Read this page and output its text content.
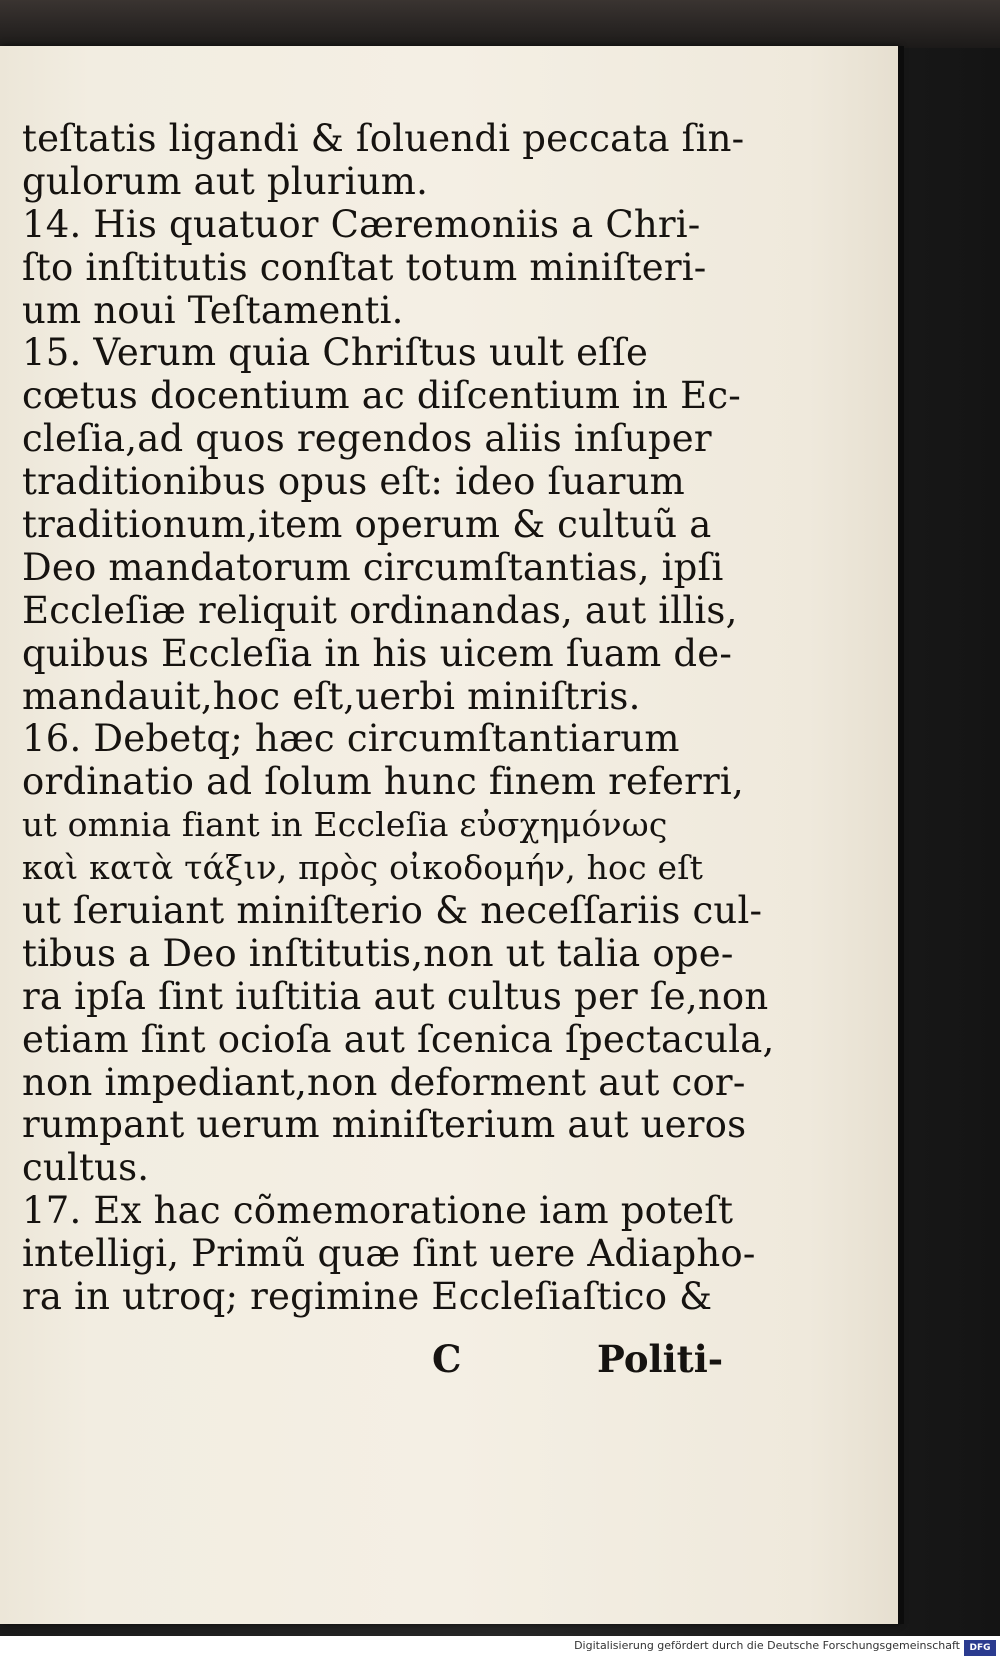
teſtatis ligandi & ſoluendi peccata ſin-
gulorum aut plurium.
14. His quatuor Cæremoniis a Chri-
ſto inſtitutis conſtat totum miniſteri-
um noui Teſtamenti.
15. Verum quia Chriſtus uult eſſe
cœtus docentium ac diſcentium in Ec-
cleſia,ad quos regendos aliis inſuper
traditionibus opus eſt: ideo ſuarum
traditionum,item operum & cultuũ a
Deo mandatorum circumſtantias, ipſi
Eccleſiæ reliquit ordinandas, aut illis,
quibus Eccleſia in his uicem ſuam de-
mandauit,hoc eſt,uerbi miniſtris.
16. Debetq; hæc circumſtantiarum
ordinatio ad ſolum hunc finem referri,
ut omnia fiant in Eccleſia εὐσχημόνως
καὶ κατὰ τάξιν, πρὸς οἰκοδομήν, hoc eſt
ut ſeruiant miniſterio & neceſſariis cul-
tibus a Deo inſtitutis,non ut talia ope-
ra ipſa ſint iuſtitia aut cultus per ſe,non
etiam ſint ocioſa aut ſcenica ſpectacula,
non impediant,non deforment aut cor-
rumpant uerum miniſterium aut ueros
cultus.
17. Ex hac cõmemoratione iam poteſt
intelligi, Primũ quæ ſint uere Adiapho-
ra in utroq; regimine Eccleſiaſtico &
C	Politi-
Digitalisierung gefördert durch die Deutsche Forschungsgemeinschaft	DFG
